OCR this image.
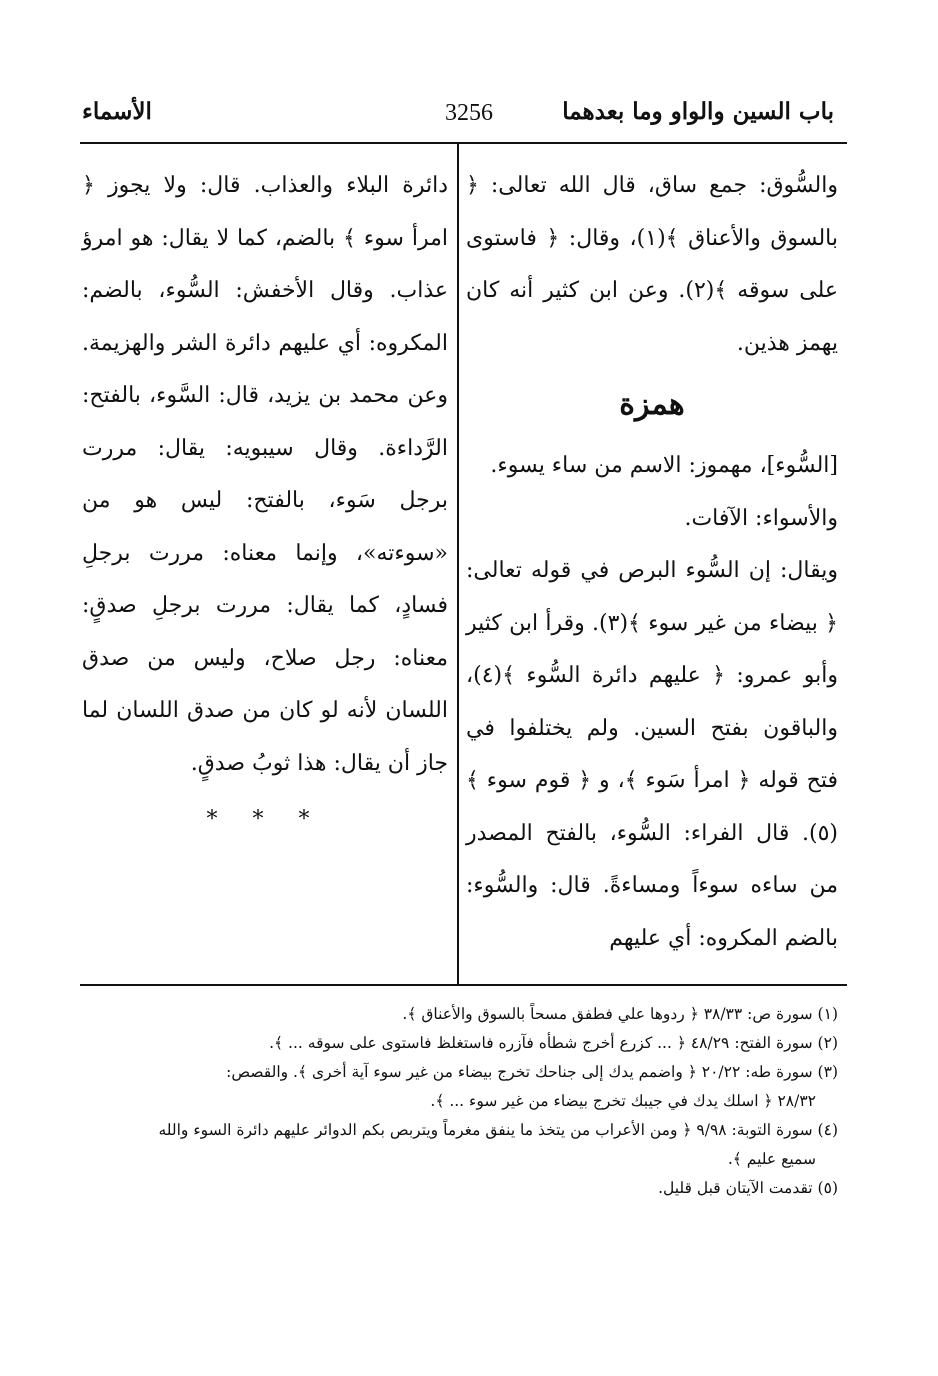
باب السين والواو وما بعدهما
3256
الأسماء

والسُّوق: جمع ساق، قال الله تعالى: ﴿ بالسوق والأعناق ﴾(١)، وقال: ﴿ فاستوى على سوقه ﴾(٢). وعن ابن كثير أنه كان يهمز هذين.

همزة

[السُّوء]، مهموز: الاسم من ساء يسوء.

والأسواء: الآفات.

ويقال: إن السُّوء البرص في قوله تعالى: ﴿ بيضاء من غير سوء ﴾(٣). وقرأ ابن كثير وأبو عمرو: ﴿ عليهم دائرة السُّوء ﴾(٤)، والباقون بفتح السين. ولم يختلفوا في فتح قوله ﴿ امرأ سَوء ﴾، و ﴿ قوم سوء ﴾(٥). قال الفراء: السُّوء، بالفتح المصدر من ساءه سوءاً ومساءةً. قال: والسُّوء: بالضم المكروه: أي عليهم

دائرة البلاء والعذاب. قال: ولا يجوز ﴿ امرأ سوء ﴾ بالضم، كما لا يقال: هو امرؤ عذاب. وقال الأخفش: السُّوء، بالضم: المكروه: أي عليهم دائرة الشر والهزيمة. وعن محمد بن يزيد، قال: السَّوء، بالفتح: الرَّداءة. وقال سيبويه: يقال: مررت برجل سَوء، بالفتح: ليس هو من «سوءته»، وإنما معناه: مررت برجلِ فسادٍ، كما يقال: مررت برجلِ صدقٍ: معناه: رجل صلاح، وليس من صدق اللسان لأنه لو كان من صدق اللسان لما جاز أن يقال: هذا ثوبُ صدقٍ.

* * *

(١) سورة ص: ٣٨/٣٣ ﴿ ردوها علي فطفق مسحاً بالسوق والأعناق ﴾.

(٢) سورة الفتح: ٤٨/٢٩ ﴿ ... كزرع أخرج شطأه فآزره فاستغلظ فاستوى على سوقه ... ﴾.

(٣) سورة طه: ٢٠/٢٢ ﴿ واضمم يدك إلى جناحك تخرج بيضاء من غير سوء آية أخرى ﴾. والقصص:

٢٨/٣٢ ﴿ اسلك يدك في جيبك تخرج بيضاء من غير سوء ... ﴾.

(٤) سورة التوبة: ٩/٩٨ ﴿ ومن الأعراب من يتخذ ما ينفق مغرماً ويتربص بكم الدوائر عليهم دائرة السوء والله

سميع عليم ﴾.

(٥) تقدمت الآيتان قبل قليل.
